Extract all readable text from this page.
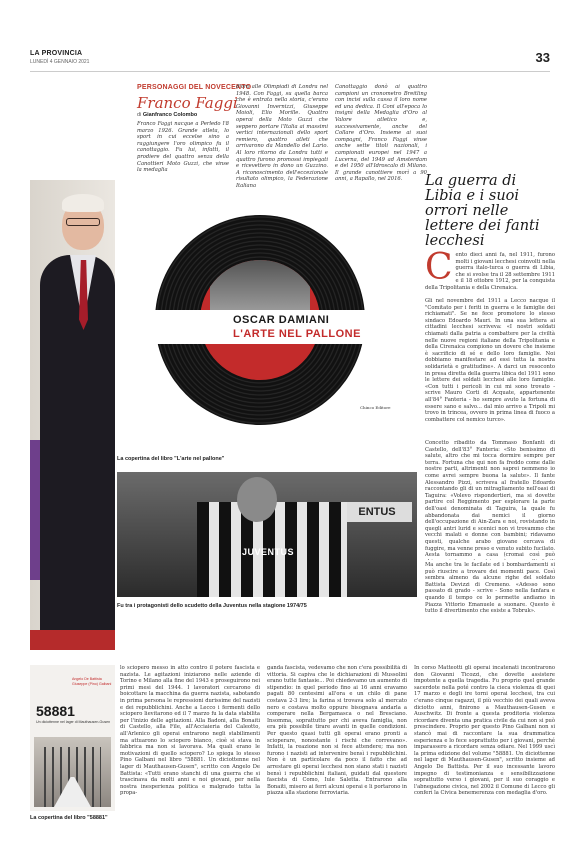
LA PROVINCIA
LUNEDÌ 4 GENNAIO 2021	33
PERSONAGGI DEL NOVECENTO
Franco Faggi
di Gianfranco Colombo
Franco Faggi nacque a Perledo l'8 marzo 1926. Grande atleta, lo sport in cui eccelse sino a raggiungere l'oro olimpico fu il canottaggio. Fu lui, infatti, il prodiere del quattro senza della Canottieri Moto Guzzi, che vinse la medaglia
d'oro alle Olimpiadi di Londra nel 1948. Con Faggi, su quella barca che è entrata nella storia, c'erano Giovanni Invernizzi, Giuseppe Moioli, Elio Morille. Quattro operai della Moto Guzzi che seppero portare l'Italia ai massimi vertici internazionali dello sport remiero, quattro atleti che arrivarono da Mandello del Lario. Al loro ritorno da Londra tutti e quattro furono promossi impiegati e ricevettero in dono un Guzzino. A riconoscimento dell'eccezionale risultato olimpico, la Federazione Italiana
Canottaggio donò ai quattro campioni un cronometro Breitling con incisi sulla cassa il loro nome ed una dedica. Il Coni all'epoca lo insignì della Medaglia d'Oro al Valore atletico e, successivamente, anche del Collare d'Oro. Insieme ai suoi compagni, Franco Faggi vinse anche sette titoli nazionali, i campionati europei nel 1947 a Lucerna, del 1949 ad Amsterdam e del 1950 all'Idroscalo di Milano. Il grande canottiere morì a 90 anni, a Rapallo, nel 2016.	La guerra di Libia e i suoi orrori nelle lettere dei fanti lecchesi
OSCAR DAMIANI
L'ARTE NEL PALLONE
Chinco Editore
La copertina del libro "L'arte nel pallone"
ENTUS
JUVENTUS
Fu tra i protagonisti dello scudetto della Juventus nella stagione 1974/75
C ento dieci anni fa, nel 1911, furono molti i giovani lecchesi coinvolti nella guerra italo-turca o guerra di Libia, che si svolse tra il 28 settembre 1911 e il 18 ottobre 1912, per la conquista della Tripolitania e della Cirenaica.
Gli nel novembre del 1911 a Lecco nacque il "Comitato per i feriti in guerra e le famiglie dei richiamati". Se ne fece promotore lo stesso sindaco Edoardo Mauri. In una sua lettera ai cittadini lecchesi scriveva: «I nostri soldati chiamati dalla patria a combattere per la civiltà nelle nuove regioni italiane della Tripolitania e della Cirenaica compiono un dovere che insieme è sacrificio di sé e dello loro famiglie. Noi dobbiamo manifestare ad essi tutta la nostra solidarietà e gratitudine». A darci un resoconto in presa diretta della guerra libica del 1911 sono le lettere dei soldati lecchesi alle loro famiglie. «Con tutti i pericoli in cui mi sono trovato - scrive Mauro Corti di Acquate, appartenente all'84° Fanteria - ho sempre avuto la fortuna di essere sano e salvo... dal mio arrivo a Tripoli mi trovo in trincea, ovvero in prima linea di fuoco a combattere col nemico turco».
Concetto ribadito da Tommaso Bonfanti di Castello, dell'83° Fanteria: «Sto benissimo di salute, altro che mi tocca dormire sempre per terra. Fortuna che qui non fa freddo come dalle nostre parti, altrimenti non saprei nemmeno io come avrei sempre buona la salute». Il fante Alessandro Pizzi, scriveva al fratello Edoardo raccontando gli di un mitragliamento nell'oasi di Taguira: «Volevo rispondertieri, ma si dovette partire col Reggimento per esplorare la parte dell'oasi denominata di Taguira, la quale fu abbandonata dai nemici il giorno dell'occupazione di Ain-Zara e noi, rovistando in quegli antri lurid e scenici non vi trovammo che vecchi malati e donne con bambini; ridavamo questi, qualche arabo giovane cercava di fuggire, ma venne preso e venuto subito fucilato. Aesta tornammo a casa (cromai così può
Ma anche tra le facilate ed i bombardamenti si può riuscire a trovare dei momenti pace. Così sembra almeno da alcune righe del soldato Battista Devizzi di Cremeno. «Adesso sono passato di grado - scrive - Sono nella fanfara e quando il tempo ce lo permette andiamo in Piazza Vittorio Emanuele a suonare. Questo è tutto il divertimento che esiste a Tobruk».
Angelo De Battista Giuseppe (Pino) Galbani
58881
Un diciottenne nel lager di Mauthausen-Gusen
La copertina del libro "58881"
lo sciopero messo in atto contro il potere fascista e nazista. Le agitazioni iniziarono nelle aziende di Torino e Milano alla fine del 1943 e proseguirono nei primi mesi del 1944. I lavoratori cercarono di boicottare la macchina da guerra nazista, sabotando in prima persona le repressioni durissime del nazisti e dei repubblichini. Anche a Lecco i fermenti dello sciopero lievitarono ed il 7 marzo fu la data stabilita per l'inizio delle agitazioni. Alla Badoni, alla Bonaiti di Castello, alla File, all'Acciaieria del Caleotto, all'Arlenico gli operai entrarono negli stabilimenti ma attuarono lo sciopero bianco, cioè si stava in fabbrica ma non si lavorava. Ma quali erano le motivazioni di quello sciopero? Lo spiega lo stesso Pino Galbani nel libro "58881. Un diciottenne nel lager di Mauthausen-Gusen", scritto con Angelo De Battista: «Tutti erano stanchi di una guerra che si trascinava da molti anni e noi giovani, per nella nostra inesperienza politica e malgrado tutta la propa-
ganda fascista, vedevamo che non c'era possibilità di vittoria. Si capiva che le dichiarazioni di Mussolini erano tutte fantasie... Poi chiedevamo un aumento di stipendio: in quel periodo fino ai 16 anni eravamo pagati 80 centesimi all'ora e un chilo di pane costava 2-3 lire; la farina si trovava solo al mercato nero e costava molto oppure bisognava andarla a comperare nella Bergamasca o nel Bresciano. Insomma, soprattutto per chi aveva famiglia, non era più possibile tirare avanti in quelle condizioni. Per questo quasi tutti gli operai erano pronti a scioperare, nonostante i rischi che correvano». Infatti, la reazione non si fece attendere; ma non furono i nazisti ad intervenire bensì i repubblichini. Non è un particolare da poco il fatto che ad arrestare gli operai lecchesi non siano stati i nazisti bensì i repubblichini italiani, guidati dal questore fascista di Como, Iule Saletta. Entrarono alla Bonaiti, misero ai ferri alcuni operai e li portarono in piazza alla stazione ferroviaria.
In corso Matteotti gli operai incatenati incontrarono don Giovanni Ticozzi, che dovette assistere impotente a quella tragedia. Fu proprio quel grande sacerdote nella poté contro la cieca violenza di quei 17 marzo e degli ire torni operai lecchesi, tra cui c'erano cinque ragazzi, il più vecchio dei quali aveva diciotto anni, finirono a Mauthausen-Gusen e Auschwitz. Di fronte a questa proditoria violenza ricordare diventa una pratica civile da cui non si può prescindere. Proprio per questo Pino Galbani non si stancò mai di raccontare la sua drammatica esperienza e lo fece soprattutto per i giovani, perché imparassero a ricordare senza odiare. Nel 1999 uscì la prima edizione del volume "58881. Un diciottenne nel lager di Mauthausen-Gusen", scritto insieme ad Angelo De Battista. Per il suo incessante lavoro impegno di testimonianza e sensibilizzazione soprattutto verso i giovani, per il suo coraggio e l'abnegazione civica, nel 2002 il Comune di Lecco gli conferì la Civica benemerenza con medaglia d'oro.
